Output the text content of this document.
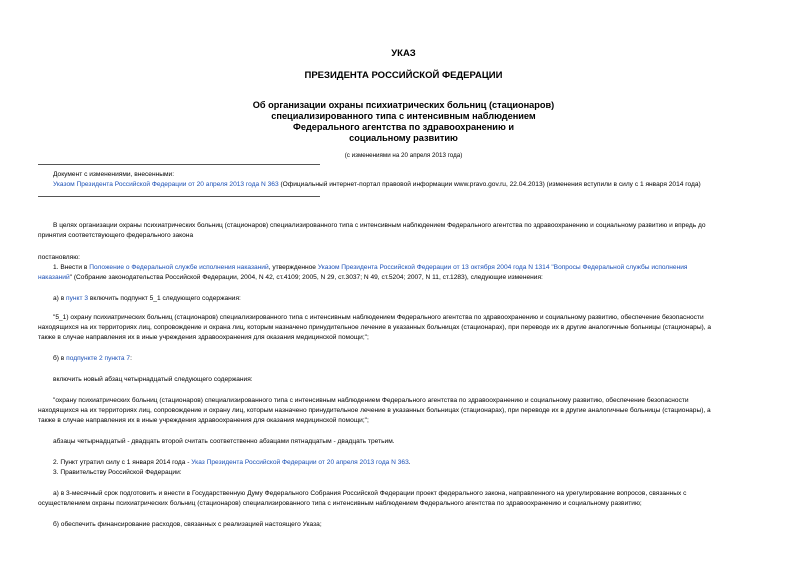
УКАЗ
ПРЕЗИДЕНТА РОССИЙСКОЙ ФЕДЕРАЦИИ
Об организации охраны психиатрических больниц (стационаров)
специализированного типа с интенсивным наблюдением
Федерального агентства по здравоохранению и
социальному развитию
(с изменениями на 20 апреля 2013 года)
Документ с изменениями, внесенными:
Указом Президента Российской Федерации от 20 апреля 2013 года N 363 (Официальный интернет-портал правовой информации www.pravo.gov.ru, 22.04.2013) (изменения вступили в силу с 1 января 2014 года)
В целях организации охраны психиатрических больниц (стационаров) специализированного типа с интенсивным наблюдением Федерального агентства по здравоохранению и социальному развитию и впредь до
принятия соответствующего федерального закона
постановляю:
1. Внести в Положение о Федеральной службе исполнения наказаний, утвержденное Указом Президента Российской Федерации от 13 октября 2004 года N 1314 "Вопросы Федеральной службы исполнения
наказаний" (Собрание законодательства Российской Федерации, 2004, N 42, ст.4109; 2005, N 29, ст.3037; N 49, ст.5204; 2007, N 11, ст.1283), следующие изменения:
а) в пункт 3 включить подпункт 5_1 следующего содержания:
"5_1) охрану психиатрических больниц (стационаров) специализированного типа с интенсивным наблюдением Федерального агентства по здравоохранению и социальному развитию, обеспечение безопасности
находящихся на их территориях лиц, сопровождение и охрана лиц, которым назначено принудительное лечение в указанных больницах (стационарах), при переводе их в другие аналогичные больницы (стационары), а
также в случае направления их в иные учреждения здравоохранения для оказания медицинской помощи;";
б) в подпункте 2 пункта 7:
включить новый абзац четырнадцатый следующего содержания:
"охрану психиатрических больниц (стационаров) специализированного типа с интенсивным наблюдением Федерального агентства по здравоохранению и социальному развитию, обеспечение безопасности
находящихся на их территориях лиц, сопровождение и охрану лиц, которым назначено принудительное лечение в указанных больницах (стационарах), при переводе их в другие аналогичные больницы (стационары), а
также в случае направления их в иные учреждения здравоохранения для оказания медицинской помощи;";
абзацы четырнадцатый - двадцать второй считать соответственно абзацами пятнадцатым - двадцать третьим.
2. Пункт утратил силу с 1 января 2014 года - Указ Президента Российской Федерации от 20 апреля 2013 года N 363.
3. Правительству Российской Федерации:
а) в 3-месячный срок подготовить и внести в Государственную Думу Федерального Собрания Российской Федерации проект федерального закона, направленного на урегулирование вопросов, связанных с
осуществлением охраны психиатрических больниц (стационаров) специализированного типа с интенсивным наблюдением Федерального агентства по здравоохранению и социальному развитию;
б) обеспечить финансирование расходов, связанных с реализацией настоящего Указа;
